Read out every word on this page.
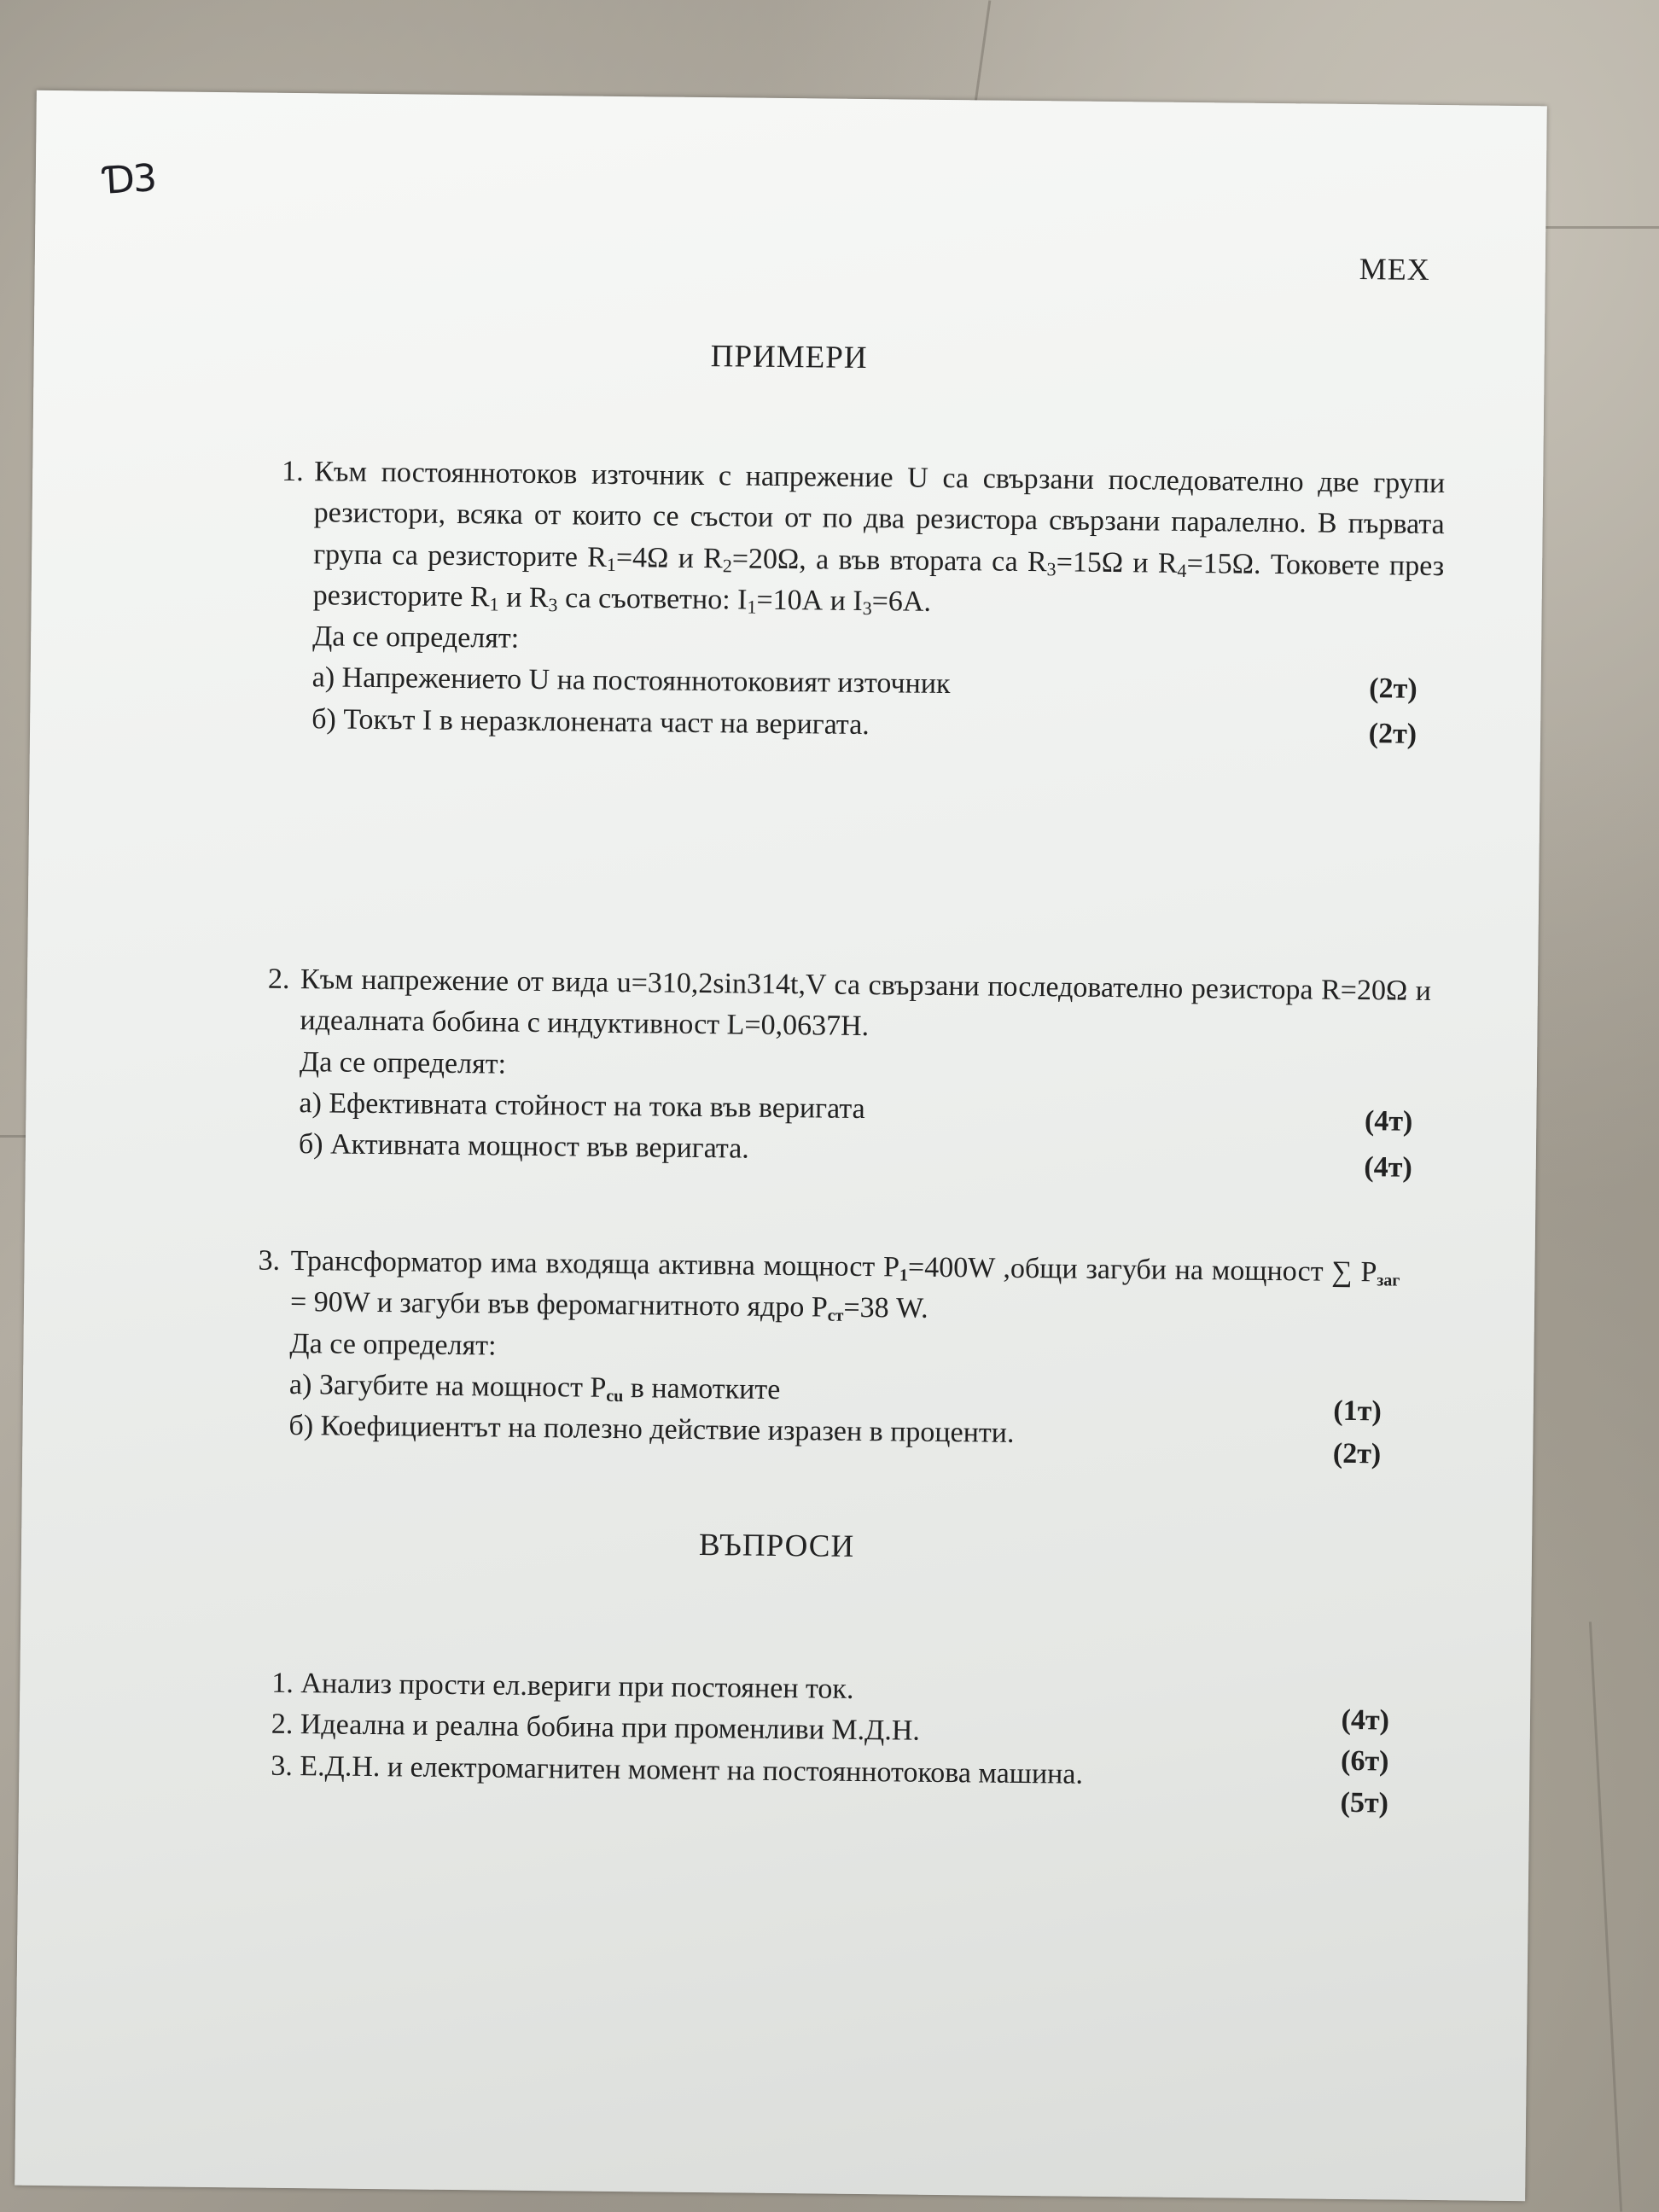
Ɗ3
МЕХ
ПРИМЕРИ
1. Към постояннотоков източник с напрежение U са свързани последователно две групи резистори, всяка от които се състои от по два резистора свързани паралелно. В първата група са резисторите $R_1=4\Omega$ и $R_2=20\Omega$, а във втората са $R_3=15\Omega$ и $R_4=15\Omega$. Токовете през резисторите $R_1$ и $R_3$ са съответно: $I_1=10А$ и $I_3=6А$.
Да се определят:
а) Напрежението U на постояннотоковият източник	(2т)
б) Токът I в неразклонената част на веригата.	(2т)
2. Към напрежение от вида u=310,2sin314t,V са свързани последователно резистора R=20Ω и идеалната бобина с индуктивност L=0,0637H.
Да се определят:
а) Ефективната стойност на тока във веригата	(4т)
б) Активната мощност във веригата.
(4т)
3. Трансформатор има входяща активна мощност $P_1=400W$ ,общи загуби на мощност ∑ $P_{заг} = 90W$ и загуби във феромагнитното ядро $P_{ст}=38$ W.
Да се определят:
а) Загубите на мощност $P_{cu}$ в намотките
(1т)
б) Коефициентът на полезно действие изразен в проценти.
(2т)
ВЪПРОСИ
1. Анализ прости ел.вериги при постоянен ток.
(4т)
2. Идеална и реална бобина при променливи М.Д.Н.
(6т)
3. Е.Д.Н. и електромагнитен момент на постояннотокова машина.
(5т)
